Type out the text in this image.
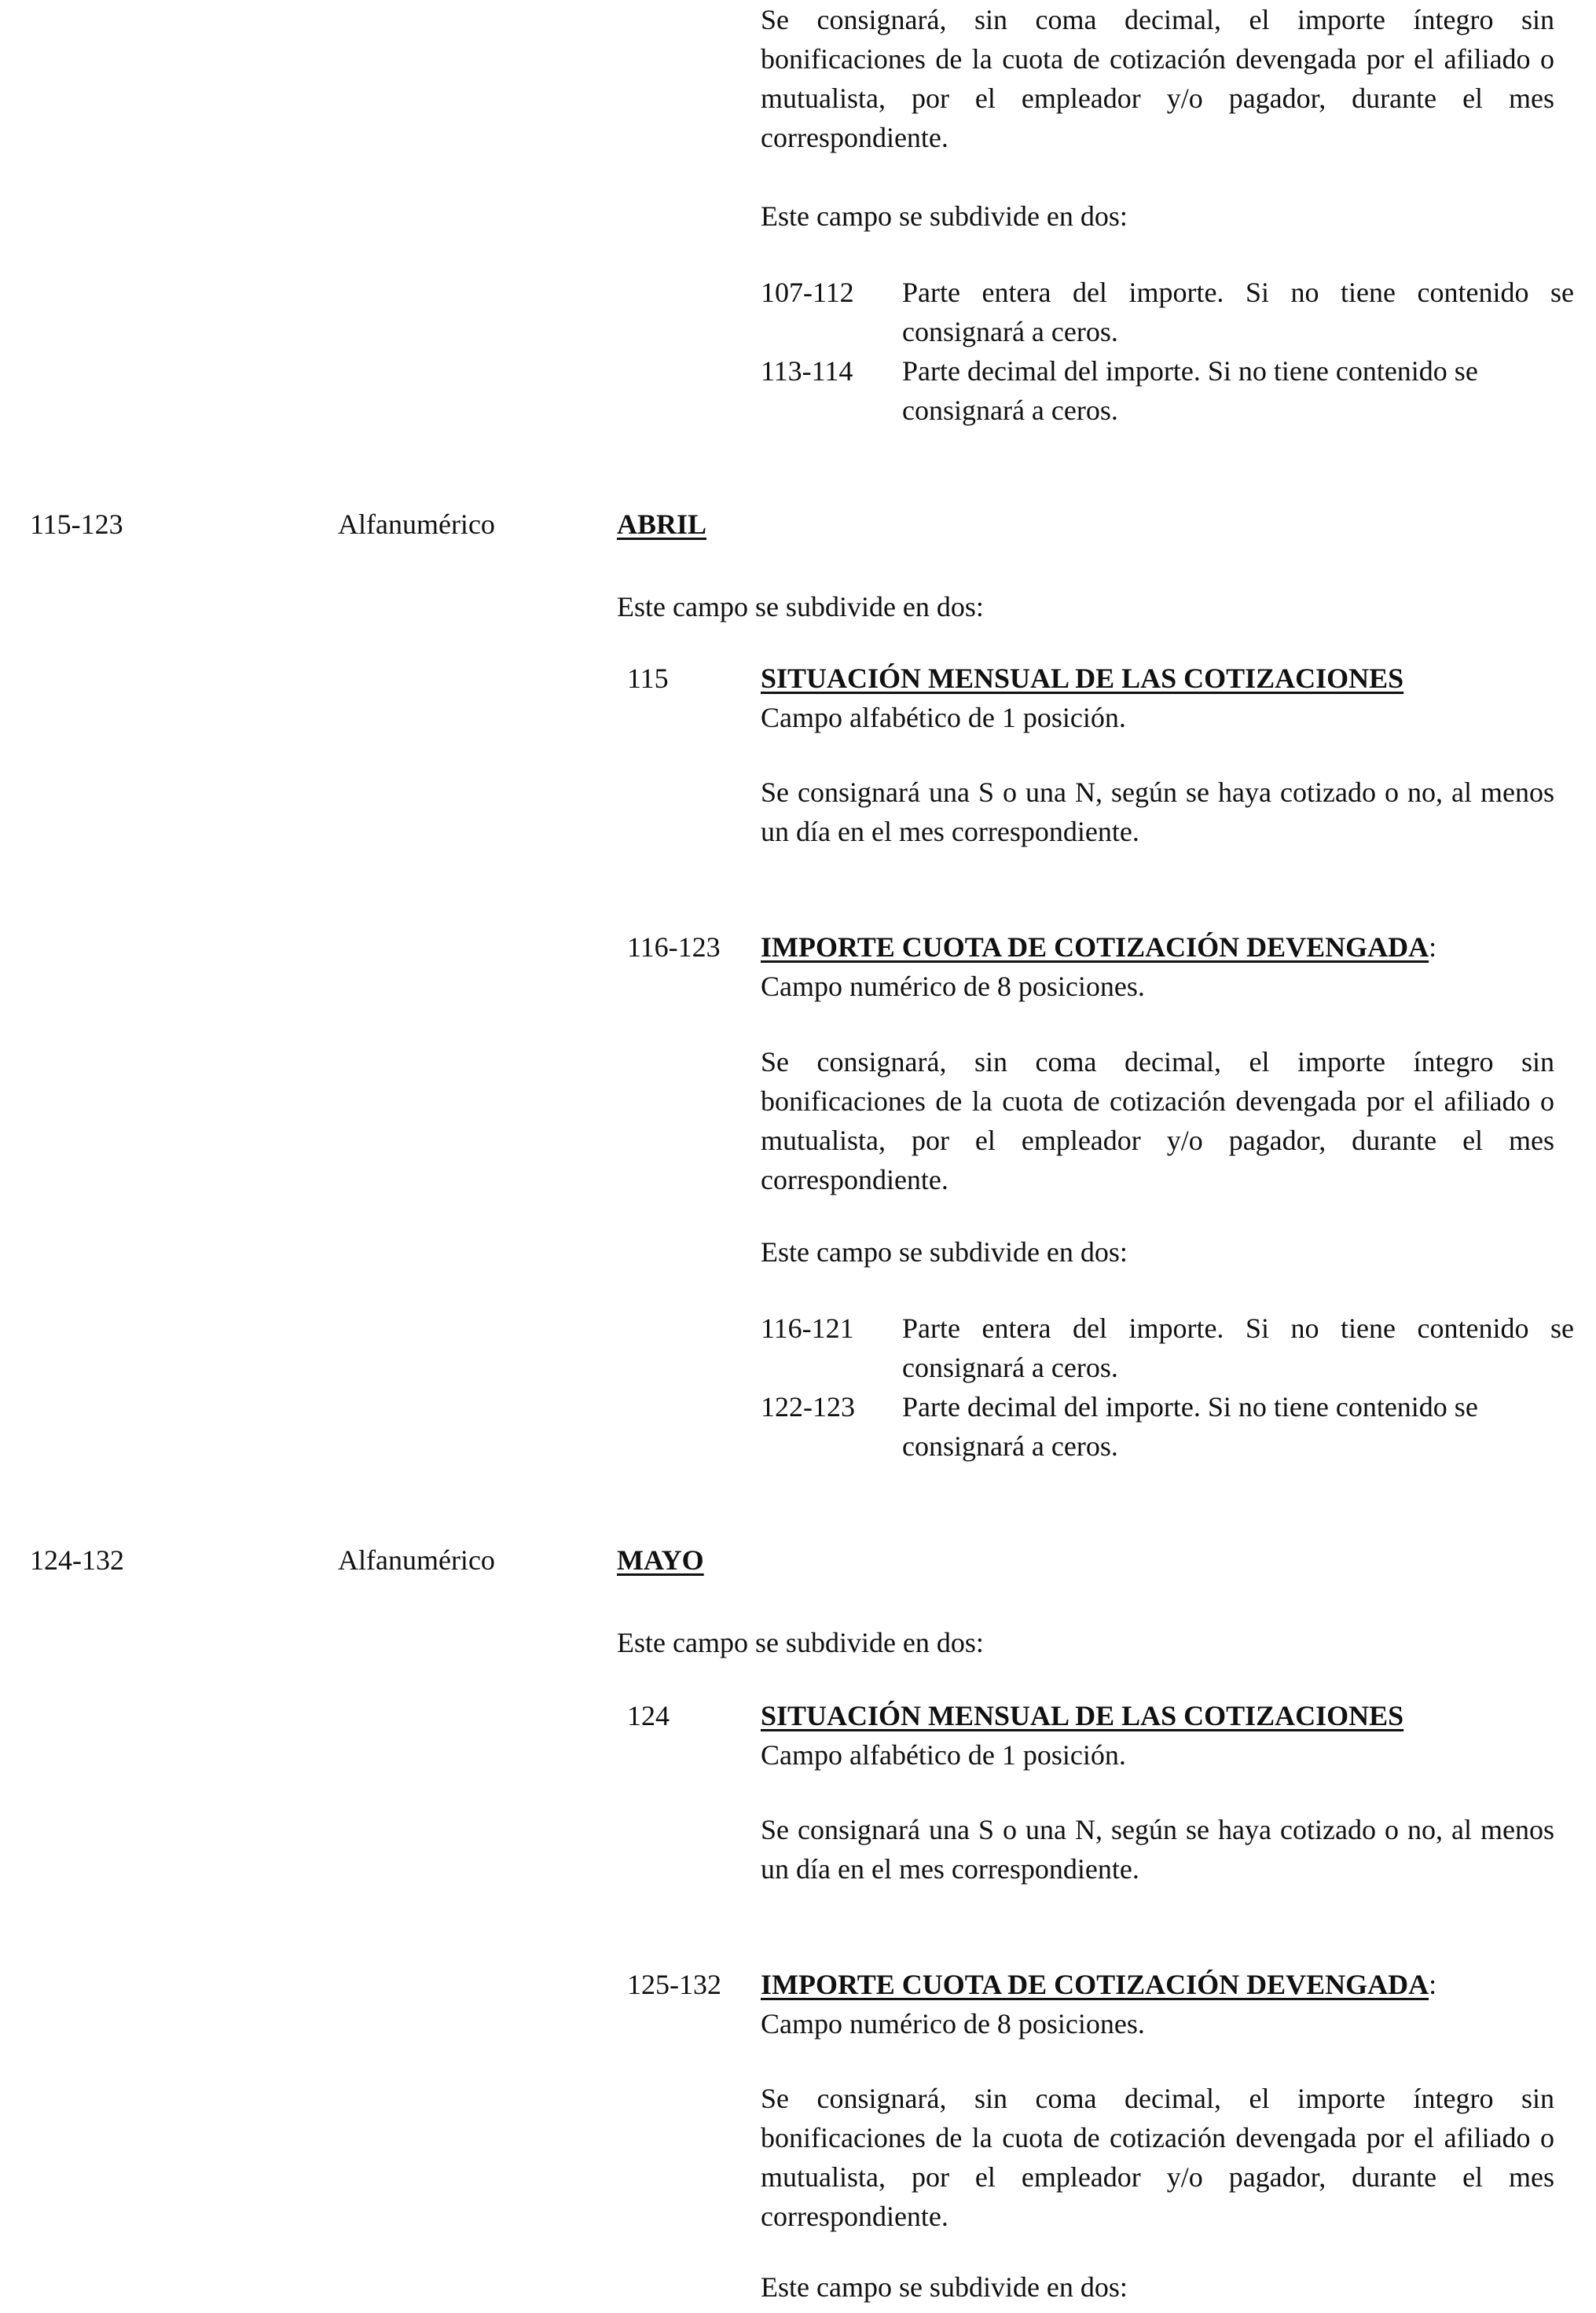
Se consignará, sin coma decimal, el importe íntegro sin bonificaciones de la cuota de cotización devengada por el afiliado o mutualista, por el empleador y/o pagador, durante el mes correspondiente.
Este campo se subdivide en dos:
107-112	Parte entera del importe. Si no tiene contenido se consignará a ceros.
113-114	Parte decimal del importe. Si no tiene contenido se consignará a ceros.
115-123	Alfanumérico	ABRIL
Este campo se subdivide en dos:
115	SITUACIÓN MENSUAL DE LAS COTIZACIONES
Campo alfabético de 1 posición.
Se consignará una S o una N, según se haya cotizado o no, al menos un día en el mes correspondiente.
116-123 IMPORTE CUOTA DE COTIZACIÓN DEVENGADA:
Campo numérico de 8 posiciones.
Se consignará, sin coma decimal, el importe íntegro sin bonificaciones de la cuota de cotización devengada por el afiliado o mutualista, por el empleador y/o pagador, durante el mes correspondiente.
Este campo se subdivide en dos:
116-121	Parte entera del importe. Si no tiene contenido se consignará a ceros.
122-123	Parte decimal del importe. Si no tiene contenido se consignará a ceros.
124-132	Alfanumérico	MAYO
Este campo se subdivide en dos:
124	SITUACIÓN MENSUAL DE LAS COTIZACIONES
Campo alfabético de 1 posición.
Se consignará una S o una N, según se haya cotizado o no, al menos un día en el mes correspondiente.
125-132 IMPORTE CUOTA DE COTIZACIÓN DEVENGADA:
Campo numérico de 8 posiciones.
Se consignará, sin coma decimal, el importe íntegro sin bonificaciones de la cuota de cotización devengada por el afiliado o mutualista, por el empleador y/o pagador, durante el mes correspondiente.
Este campo se subdivide en dos:
